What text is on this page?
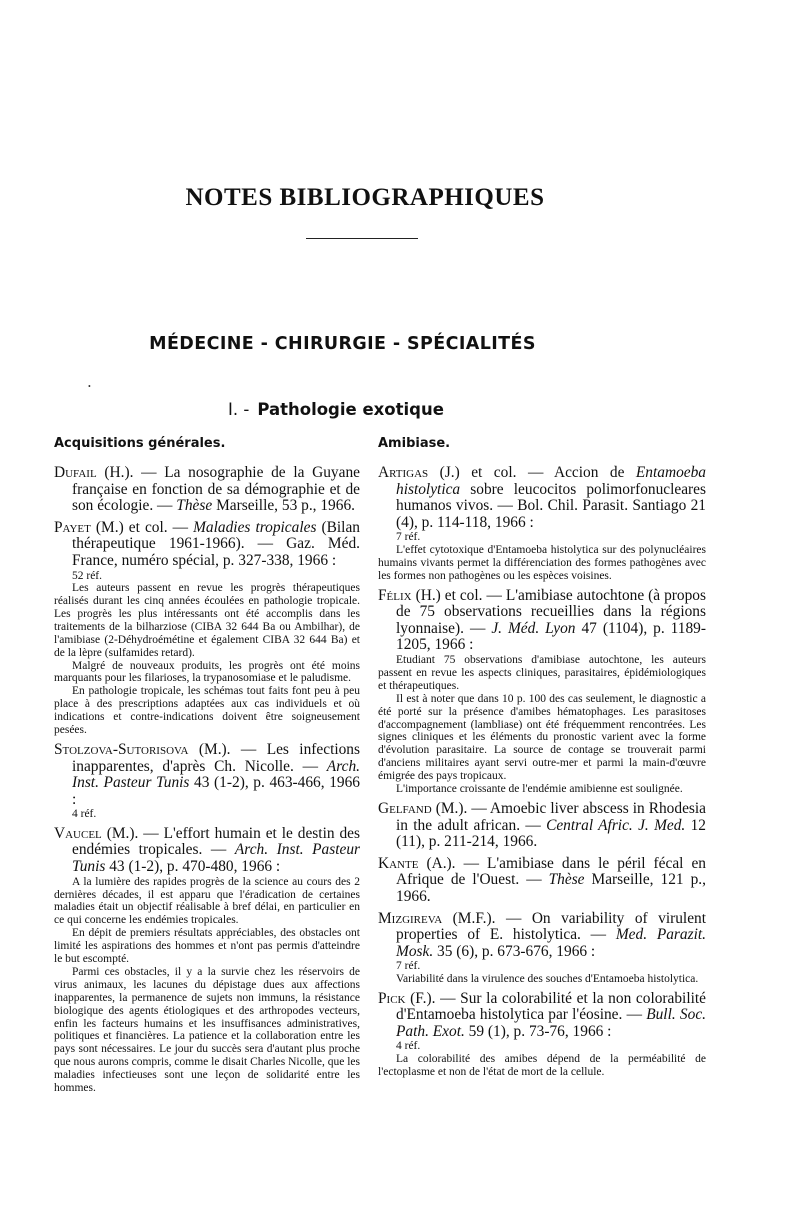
NOTES BIBLIOGRAPHIQUES
MÉDECINE - CHIRURGIE - SPÉCIALITÉS
•
I. - Pathologie exotique
Acquisitions générales.

Dufail (H.). — La nosographie de la Guyane française en fonction de sa démographie et de son écologie. — Thèse Marseille, 53 p., 1966.

Payet (M.) et col. — Maladies tropicales (Bilan thérapeutique 1961-1966). — Gaz. Méd. France, numéro spécial, p. 327-338, 1966 :

52 réf.

Les auteurs passent en revue les progrès thérapeutiques réalisés durant les cinq années écoulées en pathologie tropicale. Les progrès les plus intéressants ont été accomplis dans les traitements de la bilharziose (CIBA 32 644 Ba ou Ambilhar), de l'amibiase (2-Déhydroémétine et également CIBA 32 644 Ba) et de la lèpre (sulfamides retard).

Malgré de nouveaux produits, les progrès ont été moins marquants pour les filarioses, la trypanosomiase et le paludisme.

En pathologie tropicale, les schémas tout faits font peu à peu place à des prescriptions adaptées aux cas individuels et où indications et contre-indications doivent être soigneusement pesées.

Stolzova-Sutorisova (M.). — Les infections inapparentes, d'après Ch. Nicolle. — Arch. Inst. Pasteur Tunis 43 (1-2), p. 463-466, 1966 :

4 réf.

Vaucel (M.). — L'effort humain et le destin des endémies tropicales. — Arch. Inst. Pasteur Tunis 43 (1-2), p. 470-480, 1966 :

A la lumière des rapides progrès de la science au cours des 2 dernières décades, il est apparu que l'éradication de certaines maladies était un objectif réalisable à bref délai, en particulier en ce qui concerne les endémies tropicales.

En dépit de premiers résultats appréciables, des obstacles ont limité les aspirations des hommes et n'ont pas permis d'atteindre le but escompté.

Parmi ces obstacles, il y a la survie chez les réservoirs de virus animaux, les lacunes du dépistage dues aux affections inapparentes, la permanence de sujets non immuns, la résistance biologique des agents étiologiques et des arthropodes vecteurs, enfin les facteurs humains et les insuffisances administratives, politiques et financières. La patience et la collaboration entre les pays sont nécessaires. Le jour du succès sera d'autant plus proche que nous aurons compris, comme le disait Charles Nicolle, que les maladies infectieuses sont une leçon de solidarité entre les hommes.

Amibiase.

Artigas (J.) et col. — Accion de Entamoeba histolytica sobre leucocitos polimorfonucleares humanos vivos. — Bol. Chil. Parasit. Santiago 21 (4), p. 114-118, 1966 :

7 réf.

L'effet cytotoxique d'Entamoeba histolytica sur des polynucléaires humains vivants permet la différenciation des formes pathogènes avec les formes non pathogènes ou les espèces voisines.

Félix (H.) et col. — L'amibiase autochtone (à propos de 75 observations recueillies dans la régions lyonnaise). — J. Méd. Lyon 47 (1104), p. 1189-1205, 1966 :

Etudiant 75 observations d'amibiase autochtone, les auteurs passent en revue les aspects cliniques, parasitaires, épidémiologiques et thérapeutiques.

Il est à noter que dans 10 p. 100 des cas seulement, le diagnostic a été porté sur la présence d'amibes hématophages. Les parasitoses d'accompagnement (lambliase) ont été fréquemment rencontrées. Les signes cliniques et les éléments du pronostic varient avec la forme d'évolution parasitaire. La source de contage se trouverait parmi d'anciens militaires ayant servi outre-mer et parmi la main-d'œuvre émigrée des pays tropicaux.

L'importance croissante de l'endémie amibienne est soulignée.

Gelfand (M.). — Amoebic liver abscess in Rhodesia in the adult african. — Central Afric. J. Med. 12 (11), p. 211-214, 1966.

Kante (A.). — L'amibiase dans le péril fécal en Afrique de l'Ouest. — Thèse Marseille, 121 p., 1966.

Mizgireva (M.F.). — On variability of virulent properties of E. histolytica. — Med. Parazit. Mosk. 35 (6), p. 673-676, 1966 :

7 réf.

Variabilité dans la virulence des souches d'Entamoeba histolytica.

Pick (F.). — Sur la colorabilité et la non colorabilité d'Entamoeba histolytica par l'éosine. — Bull. Soc. Path. Exot. 59 (1), p. 73-76, 1966 :

4 réf.

La colorabilité des amibes dépend de la perméabilité de l'ectoplasme et non de l'état de mort de la cellule.
